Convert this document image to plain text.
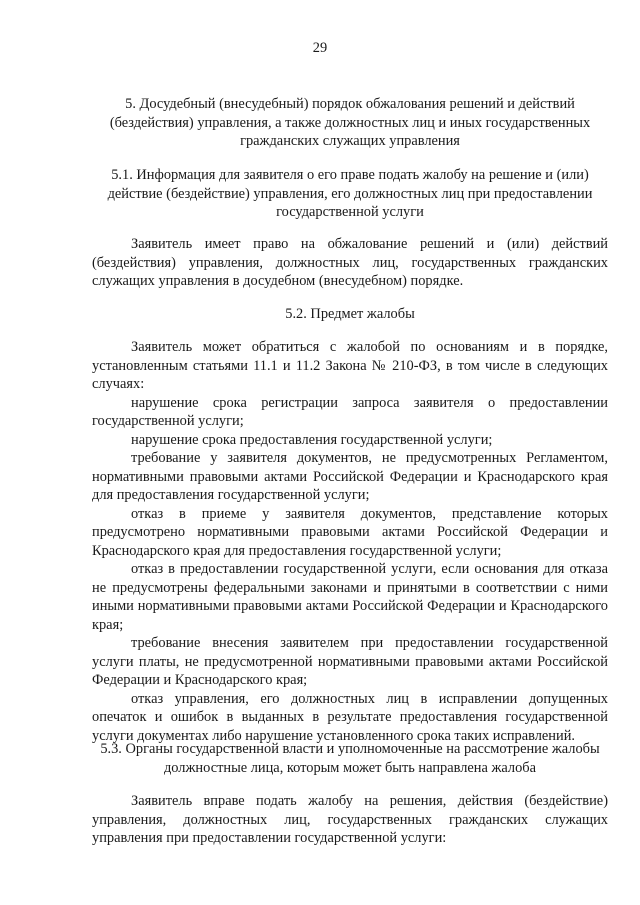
29
5. Досудебный (внесудебный) порядок обжалования решений и действий (бездействия) управления, а также должностных лиц и иных государственных гражданских служащих управления
5.1. Информация для заявителя о его праве подать жалобу на решение и (или) действие (бездействие) управления, его должностных лиц при предоставлении государственной услуги

Заявитель имеет право на обжалование решений и (или) действий (бездействия) управления, должностных лиц, государственных гражданских служащих управления в досудебном (внесудебном) порядке.

5.2. Предмет жалобы

Заявитель может обратиться с жалобой по основаниям и в порядке, установленным статьями 11.1 и 11.2 Закона № 210-ФЗ, в том числе в следующих случаях:

нарушение срока регистрации запроса заявителя о предоставлении государственной услуги;

нарушение срока предоставления государственной услуги;

требование у заявителя документов, не предусмотренных Регламентом, нормативными правовыми актами Российской Федерации и Краснодарского края для предоставления государственной услуги;

отказ в приеме у заявителя документов, представление которых предусмотрено нормативными правовыми актами Российской Федерации и Краснодарского края для предоставления государственной услуги;

отказ в предоставлении государственной услуги, если основания для отказа не предусмотрены федеральными законами и принятыми в соответствии с ними иными нормативными правовыми актами Российской Федерации и Краснодарского края;

требование внесения заявителем при предоставлении государственной услуги платы, не предусмотренной нормативными правовыми актами Российской Федерации и Краснодарского края;

отказ управления, его должностных лиц в исправлении допущенных опечаток и ошибок в выданных в результате предоставления государственной услуги документах либо нарушение установленного срока таких исправлений.

5.3. Органы государственной власти и уполномоченные на рассмотрение жалобы должностные лица, которым может быть направлена жалоба

Заявитель вправе подать жалобу на решения, действия (бездействие) управления, должностных лиц, государственных гражданских служащих управления при предоставлении государственной услуги:
